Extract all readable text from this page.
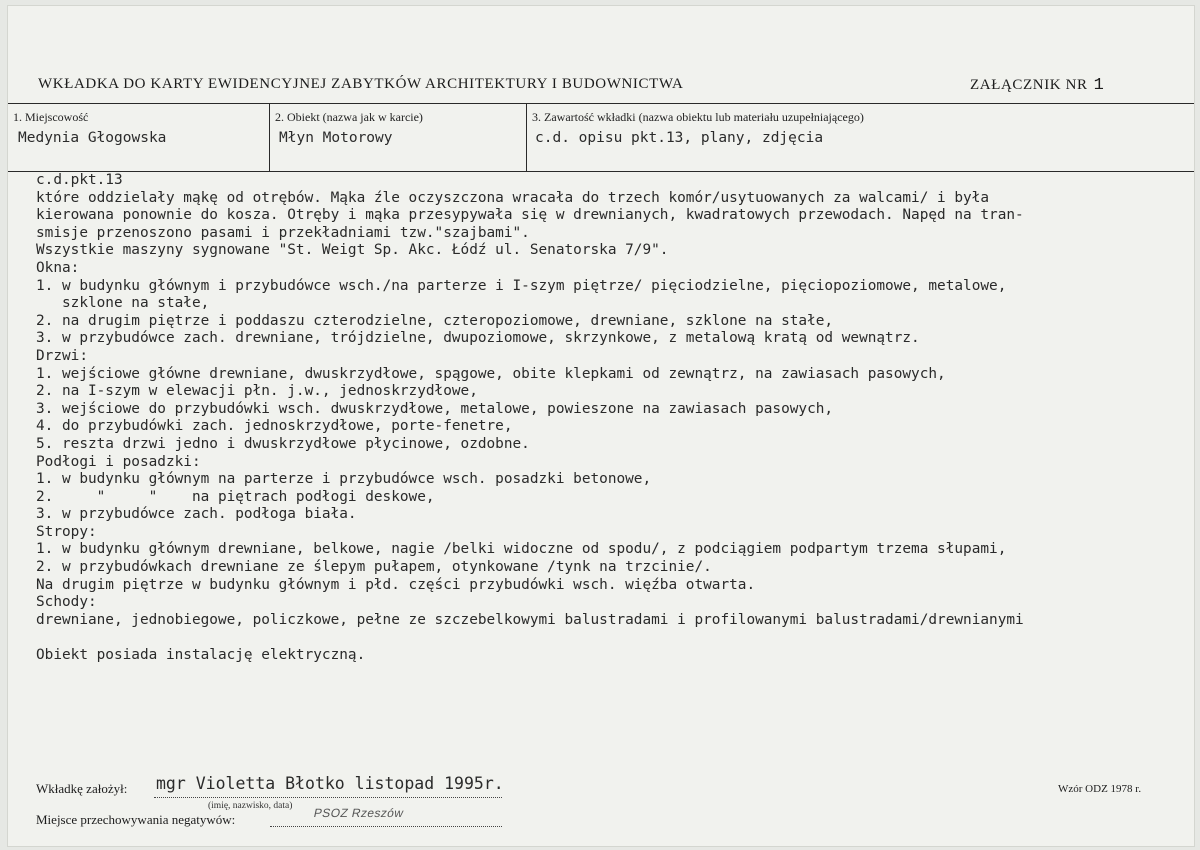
WKŁADKA DO KARTY EWIDENCYJNEJ ZABYTKÓW ARCHITEKTURY I BUDOWNICTWA	ZAŁĄCZNIK NR 1
1. Miejscowość
Medynia Głogowska
2. Obiekt (nazwa jak w karcie)
Młyn Motorowy
3. Zawartość wkładki (nazwa obiektu lub materiału uzupełniającego)
c.d. opisu pkt.13, plany, zdjęcia
c.d.pkt.13
które oddzielały mąkę od otrębów. Mąka źle oczyszczona wracała do trzech komór/usytuowanych za walcami/ i była
kierowana ponownie do kosza. Otręby i mąka przesypywała się w drewnianych, kwadratowych przewodach. Napęd na tran-
smisje przenoszono pasami i przekładniami tzw."szajbami".
Wszystkie maszyny sygnowane "St. Weigt Sp. Akc. Łódź ul. Senatorska 7/9".
Okna:
1. w budynku głównym i przybudówce wsch./na parterze i I-szym piętrze/ pięciodzielne, pięciopoziomowe, metalowe,
szklone na stałe,
2. na drugim piętrze i poddaszu czterodzielne, czteropoziomowe, drewniane, szklone na stałe,
3. w przybudówce zach. drewniane, trójdzielne, dwupoziomowe, skrzynkowe, z metalową kratą od wewnątrz.
Drzwi:
1. wejściowe główne drewniane, dwuskrzydłowe, spągowe, obite klepkami od zewnątrz, na zawiasach pasowych,
2. na I-szym w elewacji płn. j.w., jednoskrzydłowe,
3. wejściowe do przybudówki wsch. dwuskrzydłowe, metalowe, powieszone na zawiasach pasowych,
4. do przybudówki zach. jednoskrzydłowe, porte-fenetre,
5. reszta drzwi jedno i dwuskrzydłowe płycinowe, ozdobne.
Podłogi i posadzki:
1. w budynku głównym na parterze i przybudówce wsch. posadzki betonowe,
2.     "     "    na piętrach podłogi deskowe,
3. w przybudówce zach. podłoga biała.
Stropy:
1. w budynku głównym drewniane, belkowe, nagie /belki widoczne od spodu/, z podciągiem podpartym trzema słupami,
2. w przybudówkach drewniane ze ślepym pułapem, otynkowane /tynk na trzcinie/.
Na drugim piętrze w budynku głównym i płd. części przybudówki wsch. więźba otwarta.
Schody:
drewniane, jednobiegowe, policzkowe, pełne ze szczebelkowymi balustradami i profilowanymi balustradami/drewnianymi
Obiekt posiada instalację elektryczną.
Wkładkę założył: mgr Violetta Błotko listopad 1995r.
(imię, nazwisko, data)
Miejsce przechowywania negatywów:	PSOZ Rzeszów
Wzór ODZ 1978 r.
